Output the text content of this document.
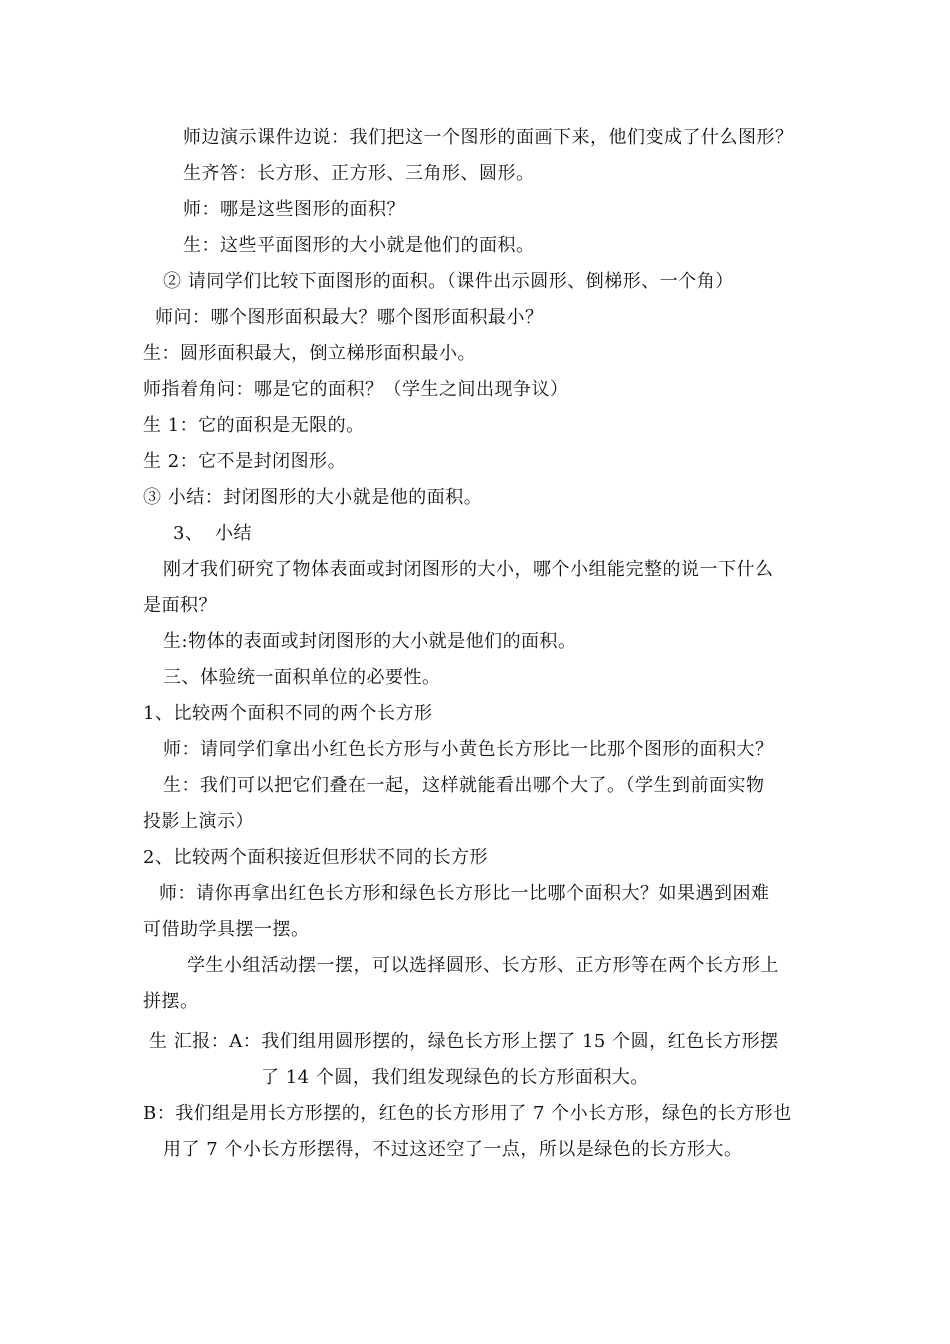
师边演示课件边说：我们把这一个图形的面画下来，他们变成了什么图形？
生齐答：长方形、正方形、三角形、圆形。
师：哪是这些图形的面积？
生：这些平面图形的大小就是他们的面积。
② 请同学们比较下面图形的面积。（课件出示圆形、倒梯形、一个角）
师问：哪个图形面积最大？哪个图形面积最小？
生：圆形面积最大，倒立梯形面积最小。
师指着角问：哪是它的面积？（学生之间出现争议）
生 1：它的面积是无限的。
生 2：它不是封闭图形。
③ 小结：封闭图形的大小就是他的面积。
3、 小结
刚才我们研究了物体表面或封闭图形的大小，哪个小组能完整的说一下什么
是面积？
生:物体的表面或封闭图形的大小就是他们的面积。
三、体验统一面积单位的必要性。
1、比较两个面积不同的两个长方形
师：请同学们拿出小红色长方形与小黄色长方形比一比那个图形的面积大？
生：我们可以把它们叠在一起，这样就能看出哪个大了。（学生到前面实物
投影上演示）
2、比较两个面积接近但形状不同的长方形
师：请你再拿出红色长方形和绿色长方形比一比哪个面积大？如果遇到困难
可借助学具摆一摆。
学生小组活动摆一摆，可以选择圆形、长方形、正方形等在两个长方形上
拼摆。
生 汇报：A：我们组用圆形摆的，绿色长方形上摆了 15 个圆，红色长方形摆
了 14 个圆，我们组发现绿色的长方形面积大。
B：我们组是用长方形摆的，红色的长方形用了 7 个小长方形，绿色的长方形也
用了 7 个小长方形摆得，不过这还空了一点，所以是绿色的长方形大。
